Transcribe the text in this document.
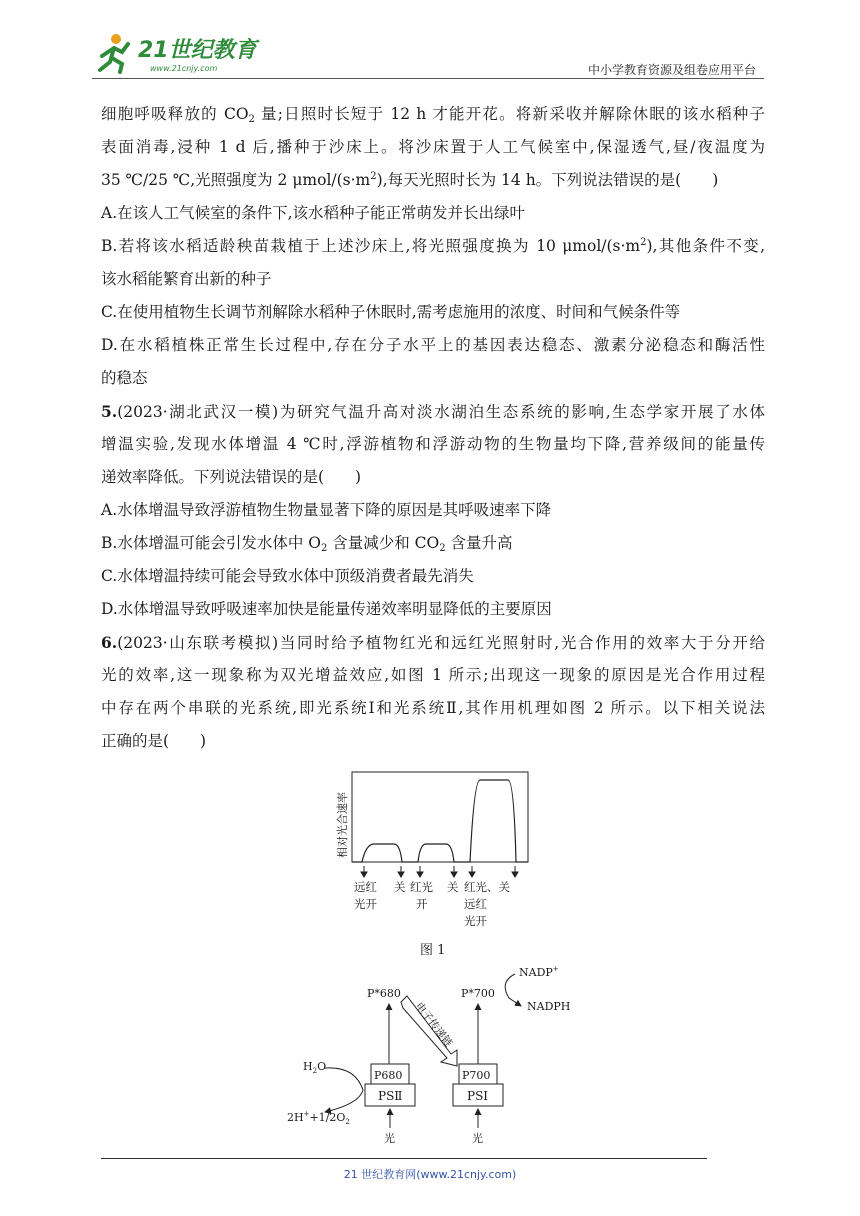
21世纪教育
www.21cnjy.com	中小学教育资源及组卷应用平台
细胞呼吸释放的 $CO_2$ 量;日照时长短于 12 h 才能开花。将新采收并解除休眠的该水稻种子
表面消毒,浸种 1 d 后,播种于沙床上。将沙床置于人工气候室中,保湿透气,昼/夜温度为
35 ℃/25 ℃,光照强度为 2 μmol/$(s\cdot m^2)$,每天光照时长为 14 h。下列说法错误的是(　　)
A.在该人工气候室的条件下,该水稻种子能正常萌发并长出绿叶
B.若将该水稻适龄秧苗栽植于上述沙床上,将光照强度换为 10 μmol/$(s\cdot m^2)$,其他条件不变,
该水稻能繁育出新的种子
C.在使用植物生长调节剂解除水稻种子休眠时,需考虑施用的浓度、时间和气候条件等
D.在水稻植株正常生长过程中,存在分子水平上的基因表达稳态、激素分泌稳态和酶活性
的稳态
5.(2023·湖北武汉一模)为研究气温升高对淡水湖泊生态系统的影响,生态学家开展了水体
增温实验,发现水体增温 4 ℃时,浮游植物和浮游动物的生物量均下降,营养级间的能量传
递效率降低。下列说法错误的是(　　)
A.水体增温导致浮游植物生物量显著下降的原因是其呼吸速率下降
B.水体增温可能会引发水体中 $O_2$ 含量减少和 $CO_2$ 含量升高
C.水体增温持续可能会导致水体中顶级消费者最先消失
D.水体增温导致呼吸速率加快是能量传递效率明显降低的主要原因
6.(2023·山东联考模拟)当同时给予植物红光和远红光照射时,光合作用的效率大于分开给
光的效率,这一现象称为双光增益效应,如图 1 所示;出现这一现象的原因是光合作用过程
中存在两个串联的光系统,即光系统Ⅰ和光系统Ⅱ,其作用机理如图 2 所示。以下相关说法
正确的是(　　)
相对光合速率
远红
光开
关 红光
开
关 红光、关
远红
光开
图 1
P*680	P*700
NADP+
NADPH
电子传递链
$H_2O$
$2H^++1/2O_2$
P680
PSⅡ
P700
PSⅠ
光	光
21 世纪教育网(www.21cnjy.com)
